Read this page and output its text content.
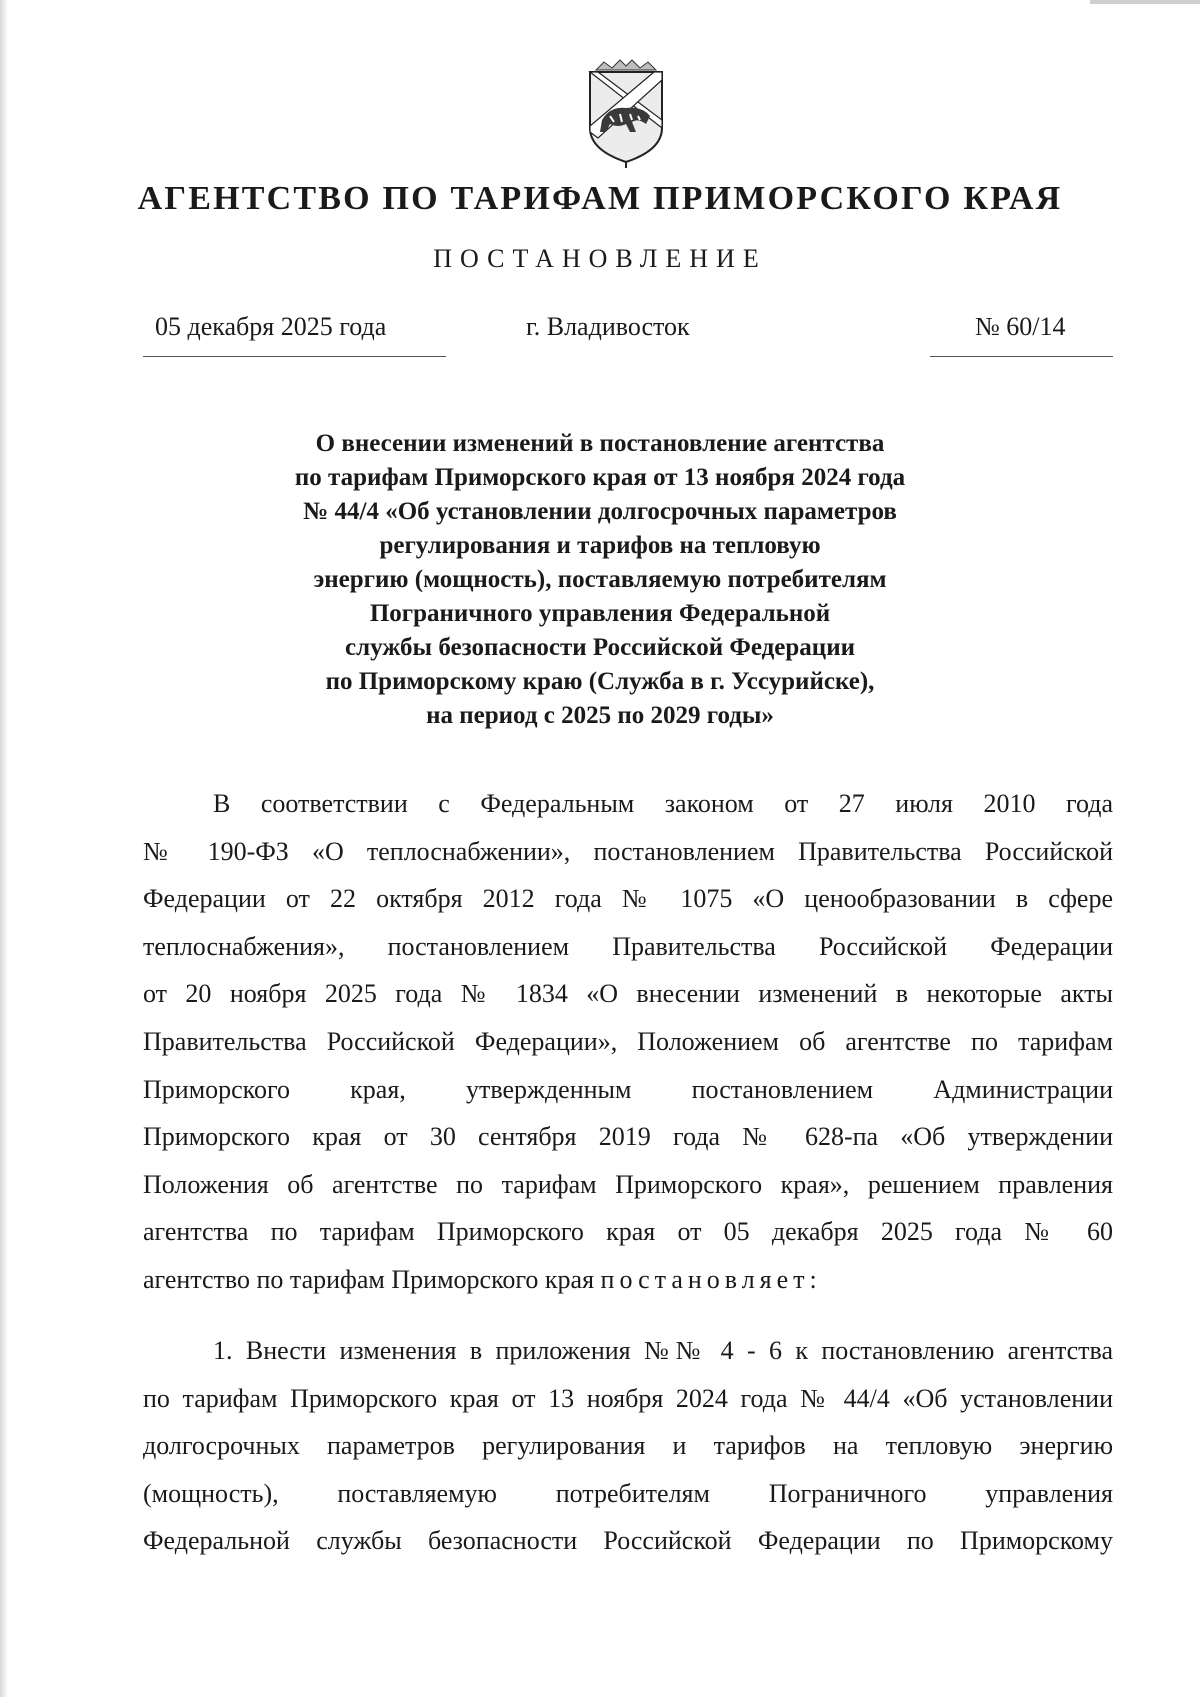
АГЕНТСТВО ПО ТАРИФАМ ПРИМОРСКОГО КРАЯ
ПОСТАНОВЛЕНИЕ
05 декабря 2025 года	г. Владивосток	№ 60/14
О внесении изменений в постановление агентства
по тарифам Приморского края от 13 ноября 2024 года
№ 44/4 «Об установлении долгосрочных параметров
регулирования и тарифов на тепловую
энергию (мощность), поставляемую потребителям
Пограничного управления Федеральной
службы безопасности Российской Федерации
по Приморскому краю (Служба в г. Уссурийске),
на период с 2025 по 2029 годы»
В соответствии с Федеральным законом от 27 июля 2010 года
№ 190-ФЗ «О теплоснабжении», постановлением Правительства Российской
Федерации от 22 октября 2012 года № 1075 «О ценообразовании в сфере
теплоснабжения», постановлением Правительства Российской Федерации
от 20 ноября 2025 года № 1834 «О внесении изменений в некоторые акты
Правительства Российской Федерации», Положением об агентстве по тарифам
Приморского края, утвержденным постановлением Администрации
Приморского края от 30 сентября 2019 года № 628-па «Об утверждении
Положения об агентстве по тарифам Приморского края», решением правления
агентства по тарифам Приморского края от 05 декабря 2025 года № 60
агентство по тарифам Приморского края постановляет:
1. Внести изменения в приложения №№ 4 - 6 к постановлению агентства
по тарифам Приморского края от 13 ноября 2024 года № 44/4 «Об установлении
долгосрочных параметров регулирования и тарифов на тепловую энергию
(мощность), поставляемую потребителям Пограничного управления
Федеральной службы безопасности Российской Федерации по Приморскому
